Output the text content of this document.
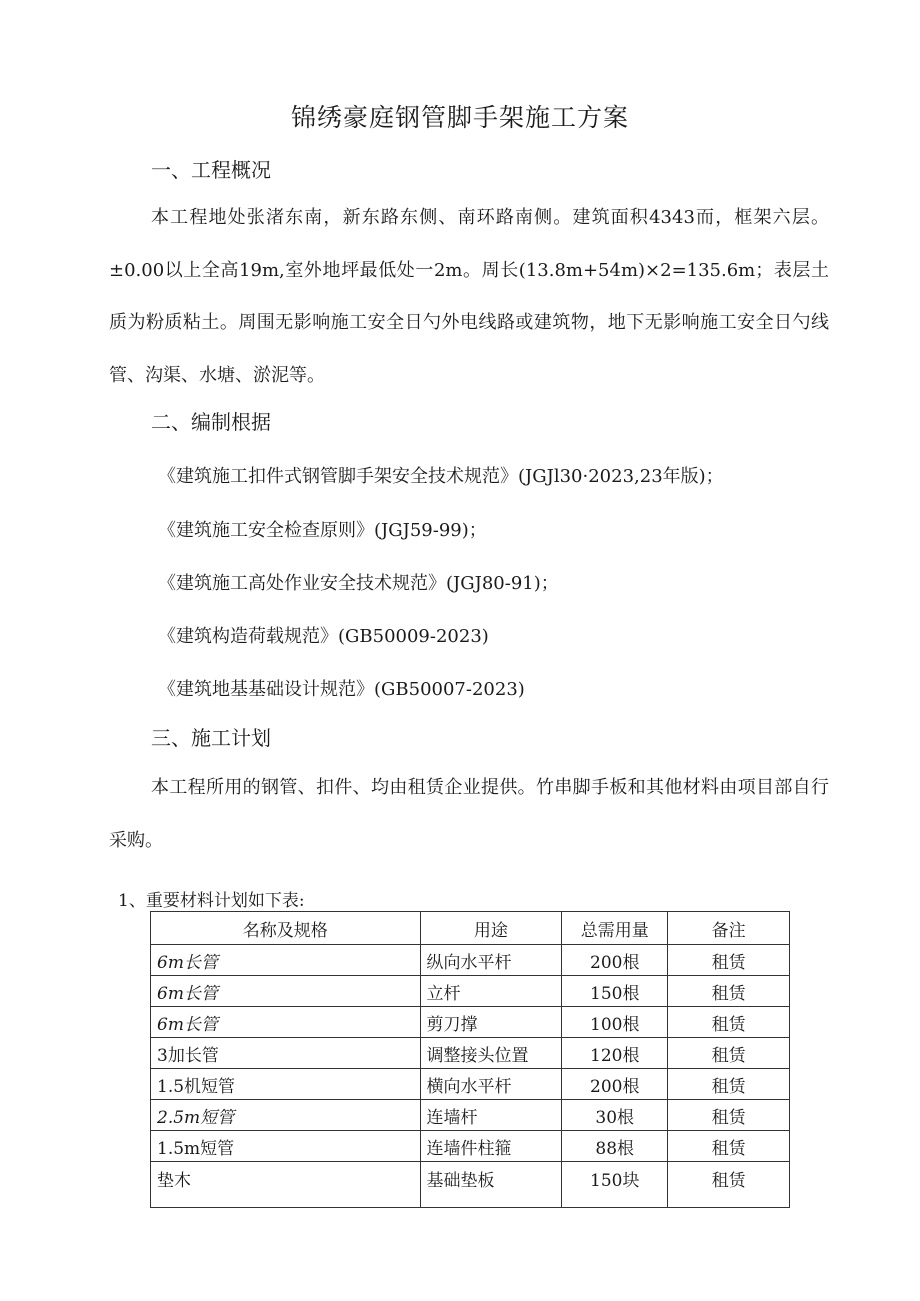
锦绣豪庭钢管脚手架施工方案
一、工程概况

本工程地处张渚东南，新东路东侧、南环路南侧。建筑面积4343而，框架六层。±0.00以上全高19m,室外地坪最低处一2m。周长(13.8m+54m)×2=135.6m；表层土质为粉质粘土。周围无影响施工安全日勺外电线路或建筑物，地下无影响施工安全日勺线管、沟渠、水塘、淤泥等。

二、编制根据

《建筑施工扣件式钢管脚手架安全技术规范》(JGJl30·2023,23年版)；

《建筑施工安全检查原则》(JGJ59-99)；

《建筑施工高处作业安全技术规范》(JGJ80-91)；

《建筑构造荷载规范》(GB50009-2023)

《建筑地基基础设计规范》(GB50007-2023)

三、施工计划

本工程所用的钢管、扣件、均由租赁企业提供。竹串脚手板和其他材料由项目部自行采购。

1、重要材料计划如下表:

名称及规格	用途	总需用量	备注
6m长管	纵向水平杆	200根	租赁
6m长管	立杆	150根	租赁
6m长管	剪刀撑	100根	租赁
3加长管	调整接头位置	120根	租赁
1.5机短管	横向水平杆	200根	租赁
2.5m短管	连墙杆	30根	租赁
1.5m短管	连墙件柱箍	88根	租赁
垫木	基础垫板	150块	租赁
